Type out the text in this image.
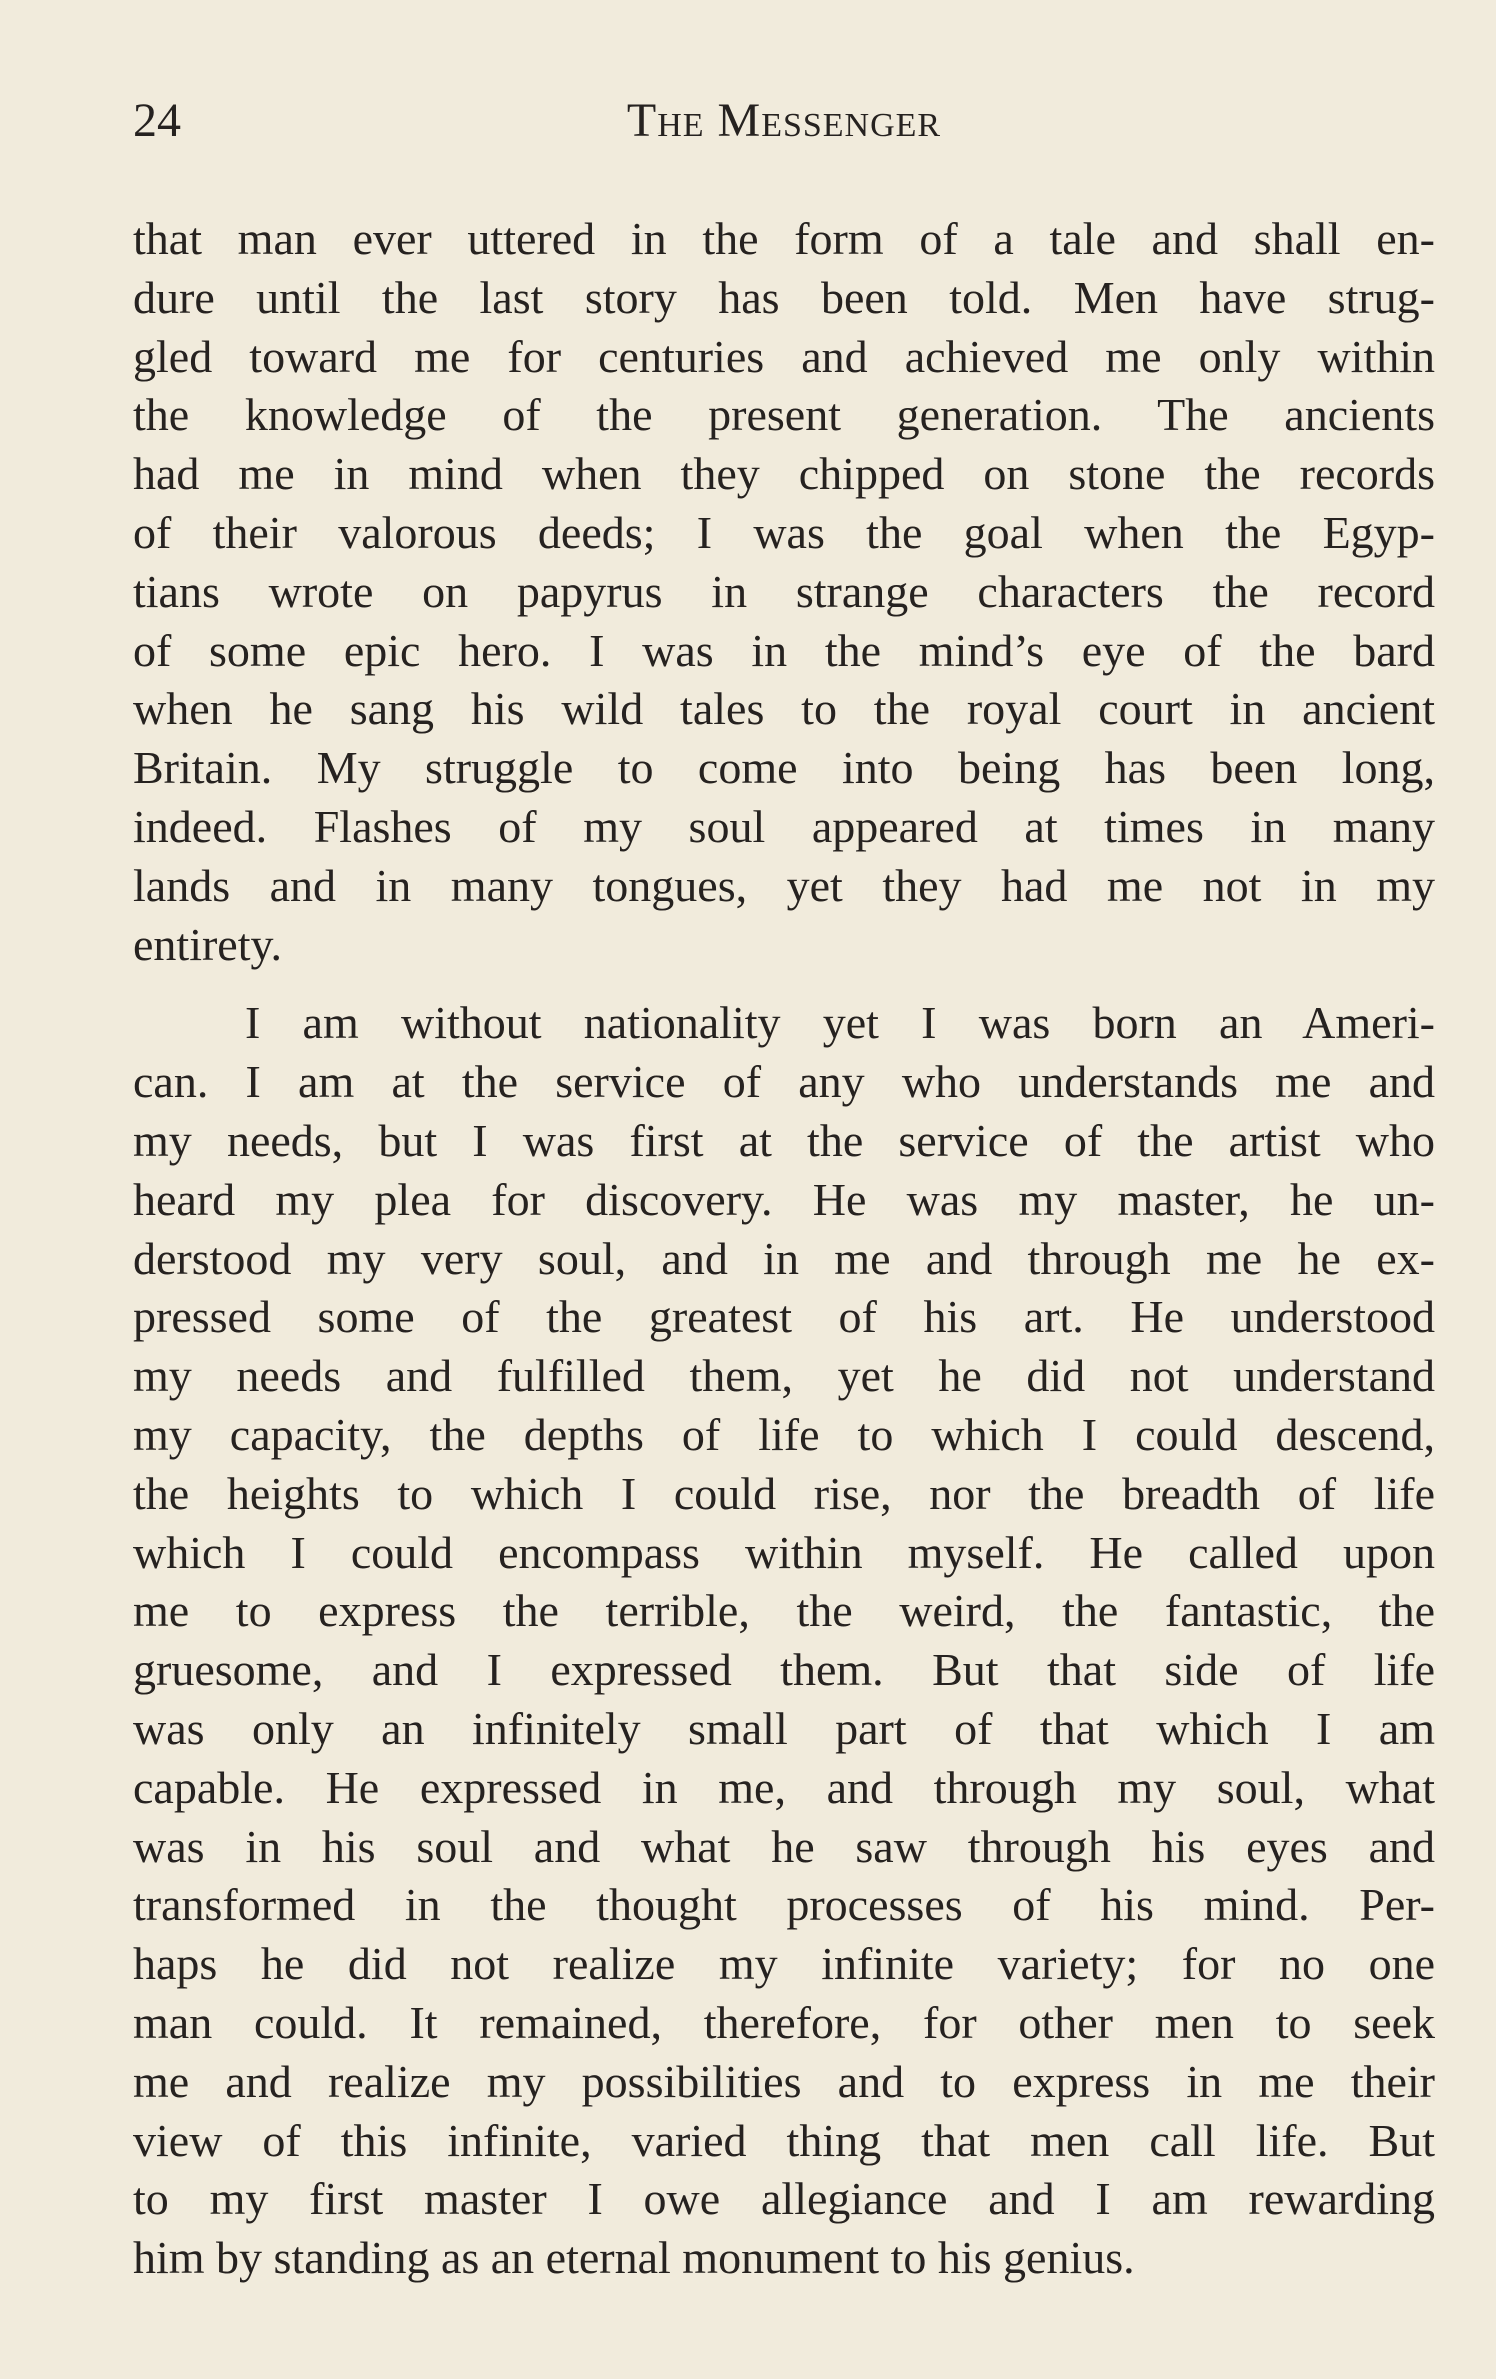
24	The Messenger
that man ever uttered in the form of a tale and shall en-
dure until the last story has been told. Men have strug-
gled toward me for centuries and achieved me only within
the knowledge of the present generation. The ancients
had me in mind when they chipped on stone the records
of their valorous deeds; I was the goal when the Egyp-
tians wrote on papyrus in strange characters the record
of some epic hero. I was in the mind’s eye of the bard
when he sang his wild tales to the royal court in ancient
Britain. My struggle to come into being has been long,
indeed. Flashes of my soul appeared at times in many
lands and in many tongues, yet they had me not in my
entirety.
I am without nationality yet I was born an Ameri-
can. I am at the service of any who understands me and
my needs, but I was first at the service of the artist who
heard my plea for discovery. He was my master, he un-
derstood my very soul, and in me and through me he ex-
pressed some of the greatest of his art. He understood
my needs and fulfilled them, yet he did not understand
my capacity, the depths of life to which I could descend,
the heights to which I could rise, nor the breadth of life
which I could encompass within myself. He called upon
me to express the terrible, the weird, the fantastic, the
gruesome, and I expressed them. But that side of life
was only an infinitely small part of that which I am
capable. He expressed in me, and through my soul, what
was in his soul and what he saw through his eyes and
transformed in the thought processes of his mind. Per-
haps he did not realize my infinite variety; for no one
man could. It remained, therefore, for other men to seek
me and realize my possibilities and to express in me their
view of this infinite, varied thing that men call life. But
to my first master I owe allegiance and I am rewarding
him by standing as an eternal monument to his genius.
